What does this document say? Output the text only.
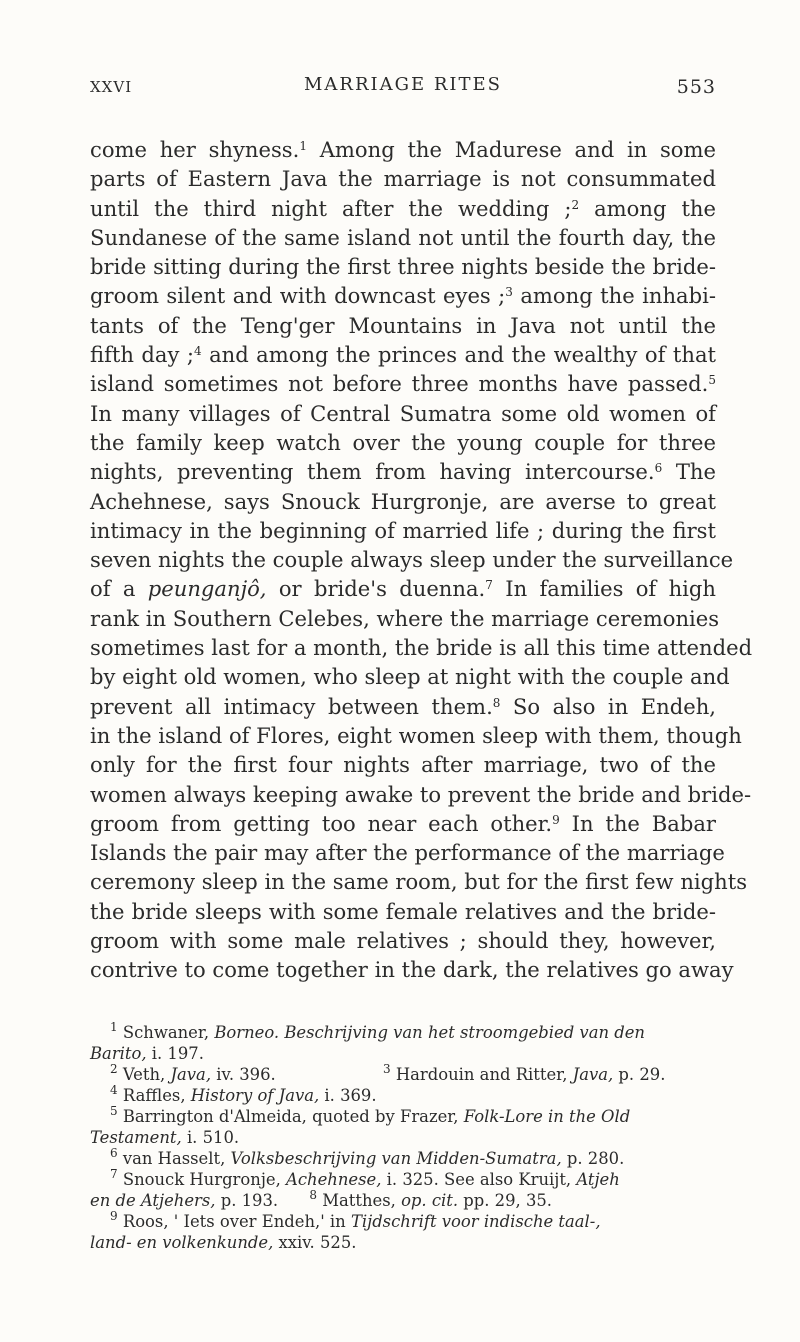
XXVI	MARRIAGE RITES	553
come her shyness.$^1$ Among the Madurese and in some
parts of Eastern Java the marriage is not consummated
until the third night after the wedding ;$^2$ among the
Sundanese of the same island not until the fourth day, the
bride sitting during the first three nights beside the bride-
groom silent and with downcast eyes ;$^3$ among the inhabi-
tants of the Teng'ger Mountains in Java not until the
fifth day ;$^4$ and among the princes and the wealthy of that
island sometimes not before three months have passed.$^5$
In many villages of Central Sumatra some old women of
the family keep watch over the young couple for three
nights, preventing them from having intercourse.$^6$ The
Achehnese, says Snouck Hurgronje, are averse to great
intimacy in the beginning of married life ; during the first
seven nights the couple always sleep under the surveillance
of a peunganjô, or bride's duenna.$^7$ In families of high
rank in Southern Celebes, where the marriage ceremonies
sometimes last for a month, the bride is all this time attended
by eight old women, who sleep at night with the couple and
prevent all intimacy between them.$^8$ So also in Endeh,
in the island of Flores, eight women sleep with them, though
only for the first four nights after marriage, two of the
women always keeping awake to prevent the bride and bride-
groom from getting too near each other.$^9$ In the Babar
Islands the pair may after the performance of the marriage
ceremony sleep in the same room, but for the first few nights
the bride sleeps with some female relatives and the bride-
groom with some male relatives ; should they, however,
contrive to come together in the dark, the relatives go away
$^1$ Schwaner, Borneo. Beschrijving van het stroomgebied van den
Barito, i. 197.
$^2$ Veth, Java, iv. 396.	$^3$ Hardouin and Ritter, Java, p. 29.
$^4$ Raffles, History of Java, i. 369.
$^5$ Barrington d'Almeida, quoted by Frazer, Folk-Lore in the Old
Testament, i. 510.
$^6$ van Hasselt, Volksbeschrijving van Midden-Sumatra, p. 280.
$^7$ Snouck Hurgronje, Achehnese, i. 325. See also Kruijt, Atjeh
en de Atjehers, p. 193.	$^8$ Matthes, op. cit. pp. 29, 35.
$^9$ Roos, ' Iets over Endeh,' in Tijdschrift voor indische taal-,
land- en volkenkunde, xxiv. 525.
